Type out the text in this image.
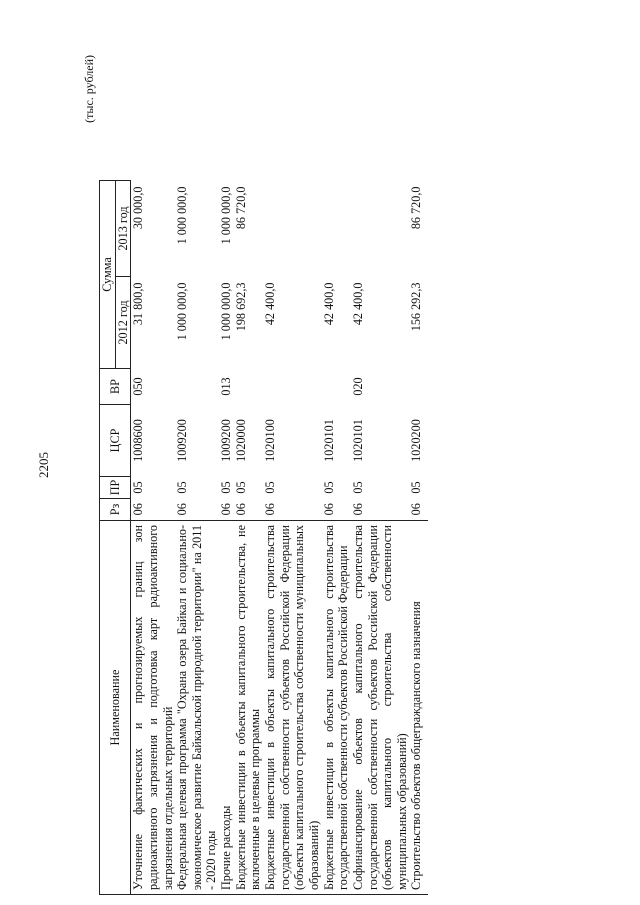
2205
(тыс. рублей)
Наименование	Рз	ПР	ЦСР	ВР	Сумма	
					2012 год	2013 год
Уточнение фактических и прогнозируемых границ зон радиоактивного загрязнения и подготовка карт радиоактивного загрязнения отдельных территорий	06	05	1008600	050	31 800,0	30 000,0
Федеральная целевая программа "Охрана озера Байкал и социально-экономическое развитие Байкальской природной территории" на 2011 - 2020 годы	06	05	1009200		1 000 000,0	1 000 000,0
Прочие расходы	06	05	1009200	013	1 000 000,0	1 000 000,0
Бюджетные инвестиции в объекты капитального строительства, не включенные в целевые программы	06	05	1020000		198 692,3	86 720,0
Бюджетные инвестиции в объекты капитального строительства государственной собственности субъектов Российской Федерации (объекты капитального строительства собственности муниципальных образований)	06	05	1020100		42 400,0	
Бюджетные инвестиции в объекты капитального строительства государственной собственности субъектов Российской Федерации	06	05	1020101		42 400,0	
Софинансирование объектов капитального строительства государственной собственности субъектов Российской Федерации (объектов капитального строительства собственности муниципальных образований)	06	05	1020101	020	42 400,0	
Строительство объектов общегражданского назначения	06	05	1020200		156 292,3	86 720,0
